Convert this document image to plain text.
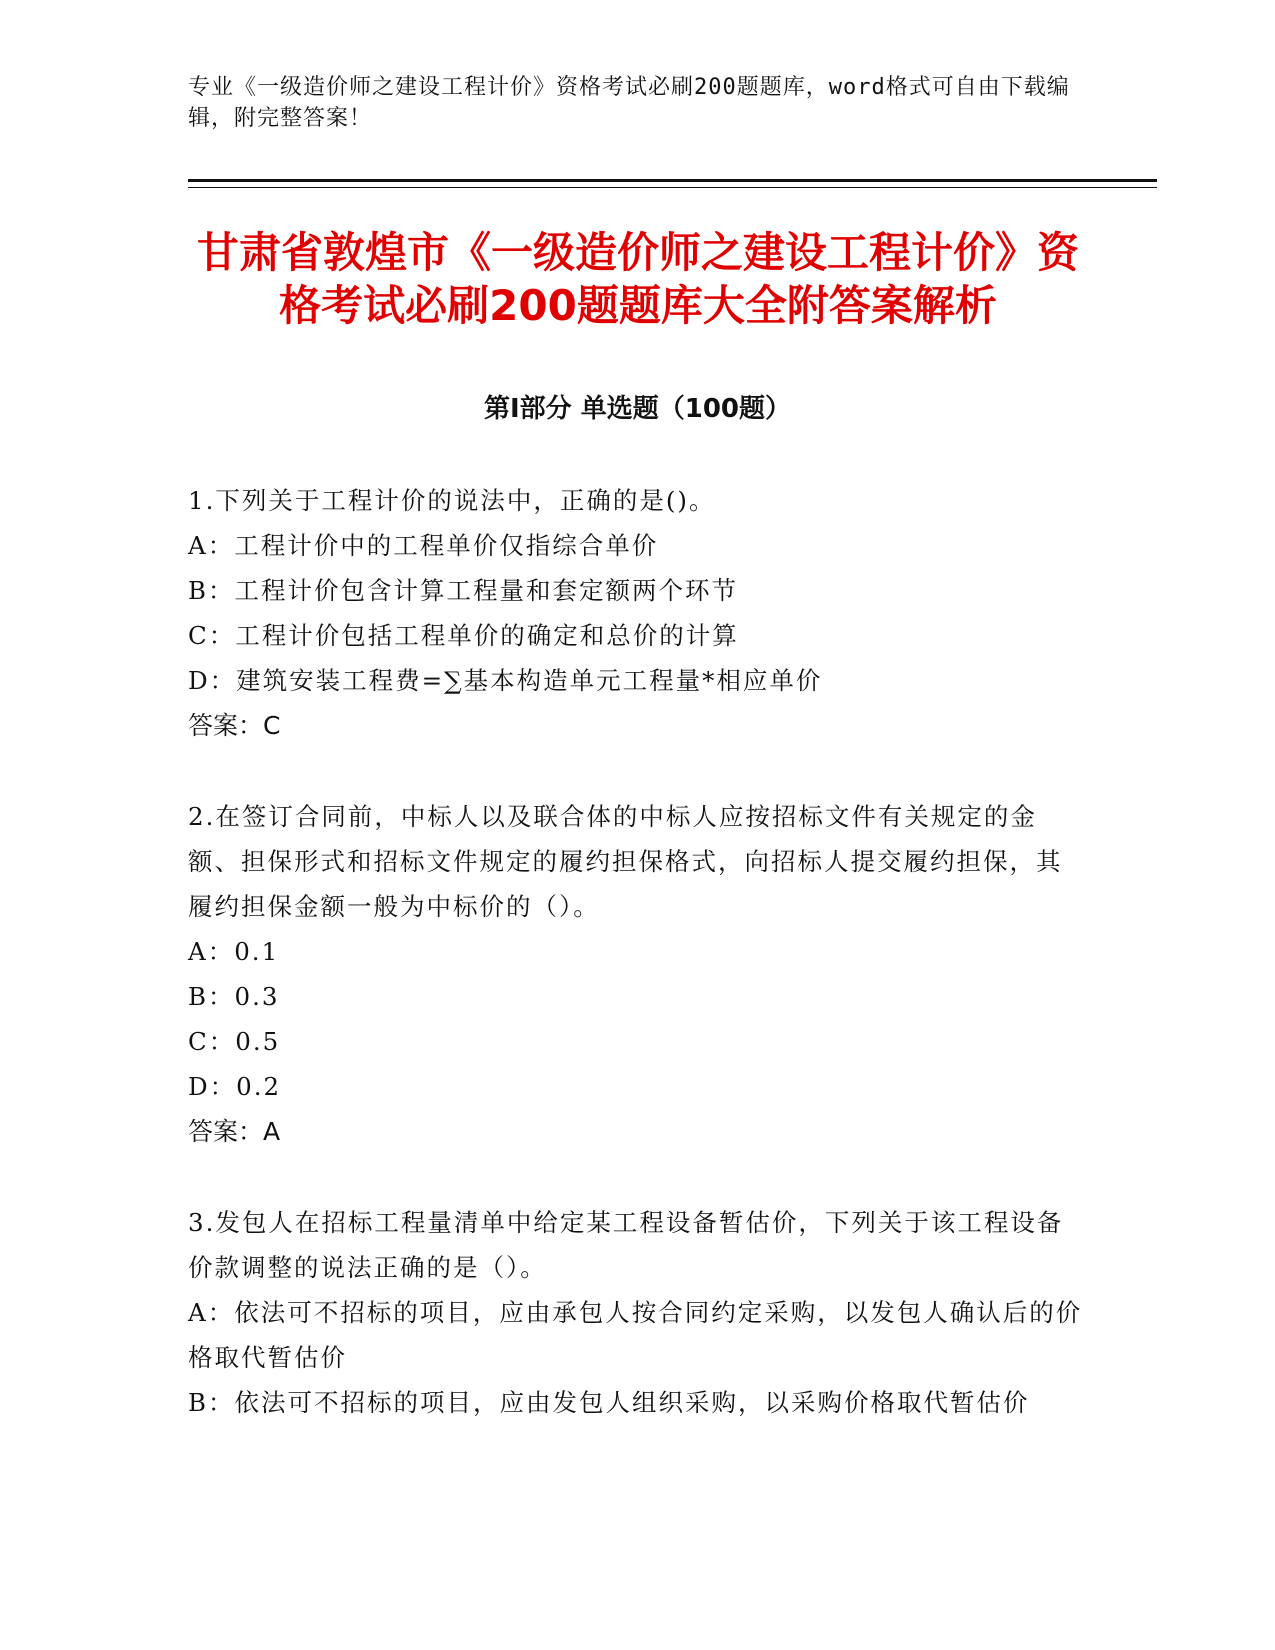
专业《一级造价师之建设工程计价》资格考试必刷200题题库，word格式可自由下载编辑，附完整答案！
甘肃省敦煌市《一级造价师之建设工程计价》资格考试必刷200题题库大全附答案解析
第Ⅰ部分 单选题（100题）

1.下列关于工程计价的说法中，正确的是()。

A：工程计价中的工程单价仅指综合单价

B：工程计价包含计算工程量和套定额两个环节

C：工程计价包括工程单价的确定和总价的计算

D：建筑安装工程费=∑基本构造单元工程量*相应单价

答案：C

2.在签订合同前，中标人以及联合体的中标人应按招标文件有关规定的金额、担保形式和招标文件规定的履约担保格式，向招标人提交履约担保，其履约担保金额一般为中标价的（）。

A：0.1

B：0.3

C：0.5

D：0.2

答案：A

3.发包人在招标工程量清单中给定某工程设备暂估价，下列关于该工程设备价款调整的说法正确的是（）。

A：依法可不招标的项目，应由承包人按合同约定采购，以发包人确认后的价格取代暂估价

B：依法可不招标的项目，应由发包人组织采购，以采购价格取代暂估价
